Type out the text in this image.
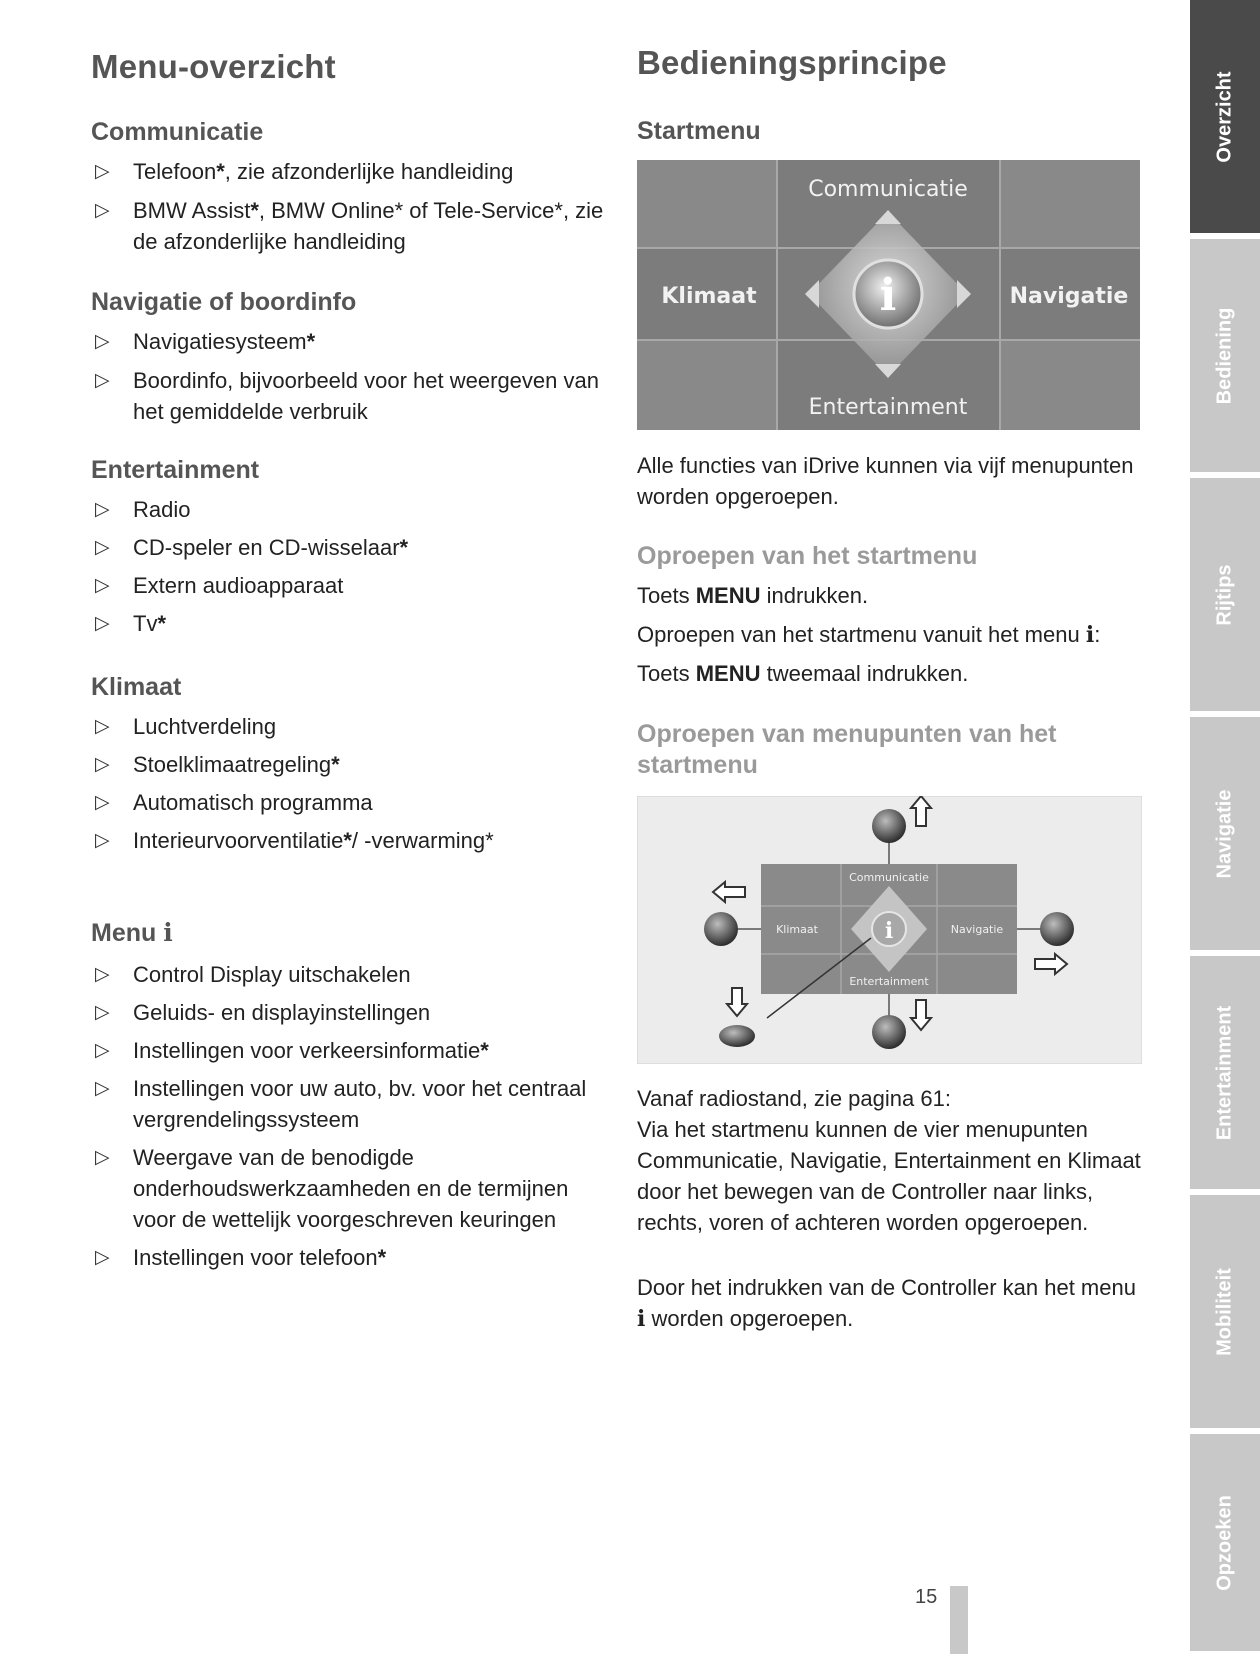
Menu-overzicht
Communicatie
▷ Telefoon*, zie afzonderlijke handleiding
▷ BMW Assist*, BMW Online* of Tele-Service*, zie de afzonderlijke handleiding
Navigatie of boordinfo
▷ Navigatiesysteem*
▷ Boordinfo, bijvoorbeeld voor het weergeven van het gemiddelde verbruik
Entertainment
▷ Radio
▷ CD-speler en CD-wisselaar*
▷ Extern audioapparaat
▷ Tv*
Klimaat
▷ Luchtverdeling
▷ Stoelklimaatregeling*
▷ Automatisch programma
▷ Interieurvoorventilatie*/ -verwarming*
Menu i
▷ Control Display uitschakelen
▷ Geluids- en displayinstellingen
▷ Instellingen voor verkeersinformatie*
▷ Instellingen voor uw auto, bv. voor het centraal vergrendelingssysteem
▷ Weergave van de benodigde onderhoudswerkzaamheden en de termijnen voor de wettelijk voorgeschreven keuringen
▷ Instellingen voor telefoon*
Bedieningsprincipe
Startmenu
i
Communicatie
Klimaat	Navigatie
Entertainment

Alle functies van iDrive kunnen via vijf menupunten worden opgeroepen.

Oproepen van het startmenu

Toets MENU indrukken.

Oproepen van het startmenu vanuit het menu i:

Toets MENU tweemaal indrukken.

Oproepen van menupunten van het startmenu
i
Communicatie
Klimaat	Navigatie
Entertainment

Vanaf radiostand, zie pagina 61:

Via het startmenu kunnen de vier menupunten Communicatie, Navigatie, Entertainment en Klimaat door het bewegen van de Controller naar links, rechts, voren of achteren worden opgeroepen.

Door het indrukken van de Controller kan het menu i worden opgeroepen.

Overzicht
Bediening
Rijtips
Navigatie
Entertainment
Mobiliteit
Opzoeken
15
